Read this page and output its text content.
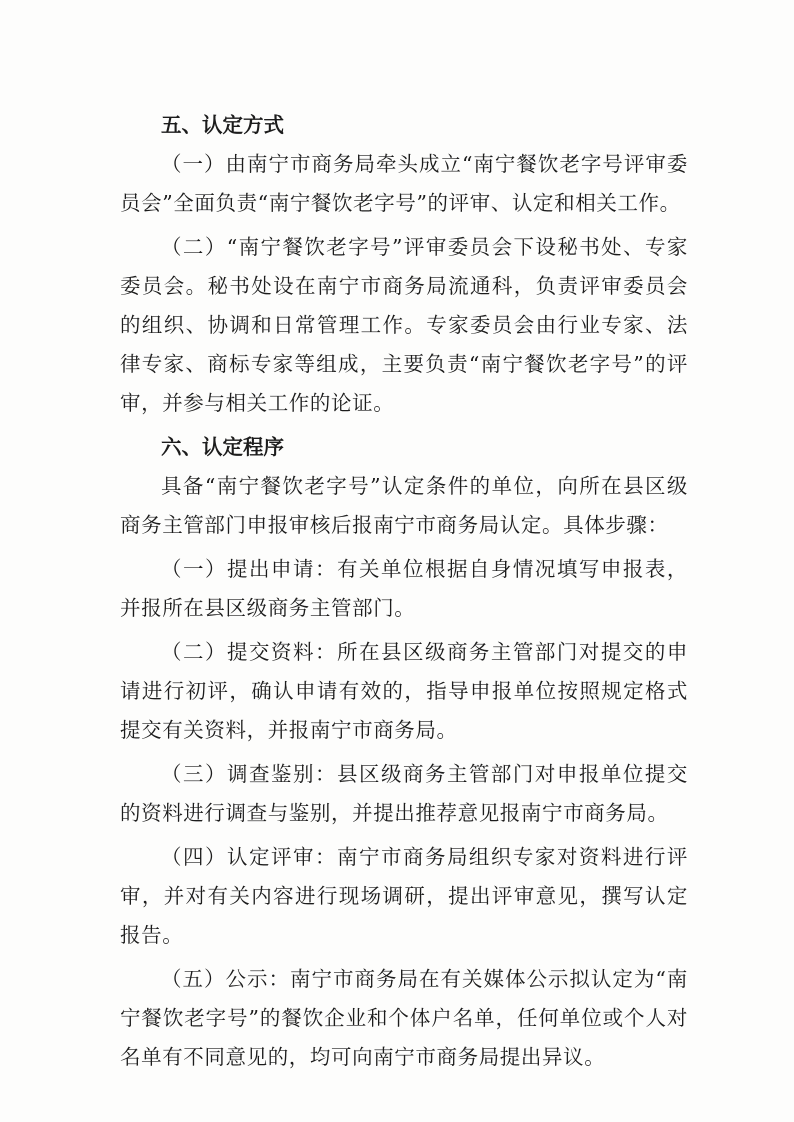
五、认定方式

（一）由南宁市商务局牵头成立“南宁餐饮老字号评审委员会”全面负责“南宁餐饮老字号”的评审、认定和相关工作。

（二）“南宁餐饮老字号”评审委员会下设秘书处、专家委员会。秘书处设在南宁市商务局流通科，负责评审委员会的组织、协调和日常管理工作。专家委员会由行业专家、法律专家、商标专家等组成，主要负责“南宁餐饮老字号”的评审，并参与相关工作的论证。

六、认定程序

具备“南宁餐饮老字号”认定条件的单位，向所在县区级商务主管部门申报审核后报南宁市商务局认定。具体步骤：

（一）提出申请：有关单位根据自身情况填写申报表，并报所在县区级商务主管部门。

（二）提交资料：所在县区级商务主管部门对提交的申请进行初评，确认申请有效的，指导申报单位按照规定格式提交有关资料，并报南宁市商务局。

（三）调查鉴别：县区级商务主管部门对申报单位提交的资料进行调查与鉴别，并提出推荐意见报南宁市商务局。

（四）认定评审：南宁市商务局组织专家对资料进行评审，并对有关内容进行现场调研，提出评审意见，撰写认定报告。

（五）公示：南宁市商务局在有关媒体公示拟认定为“南宁餐饮老字号”的餐饮企业和个体户名单，任何单位或个人对名单有不同意见的，均可向南宁市商务局提出异议。
